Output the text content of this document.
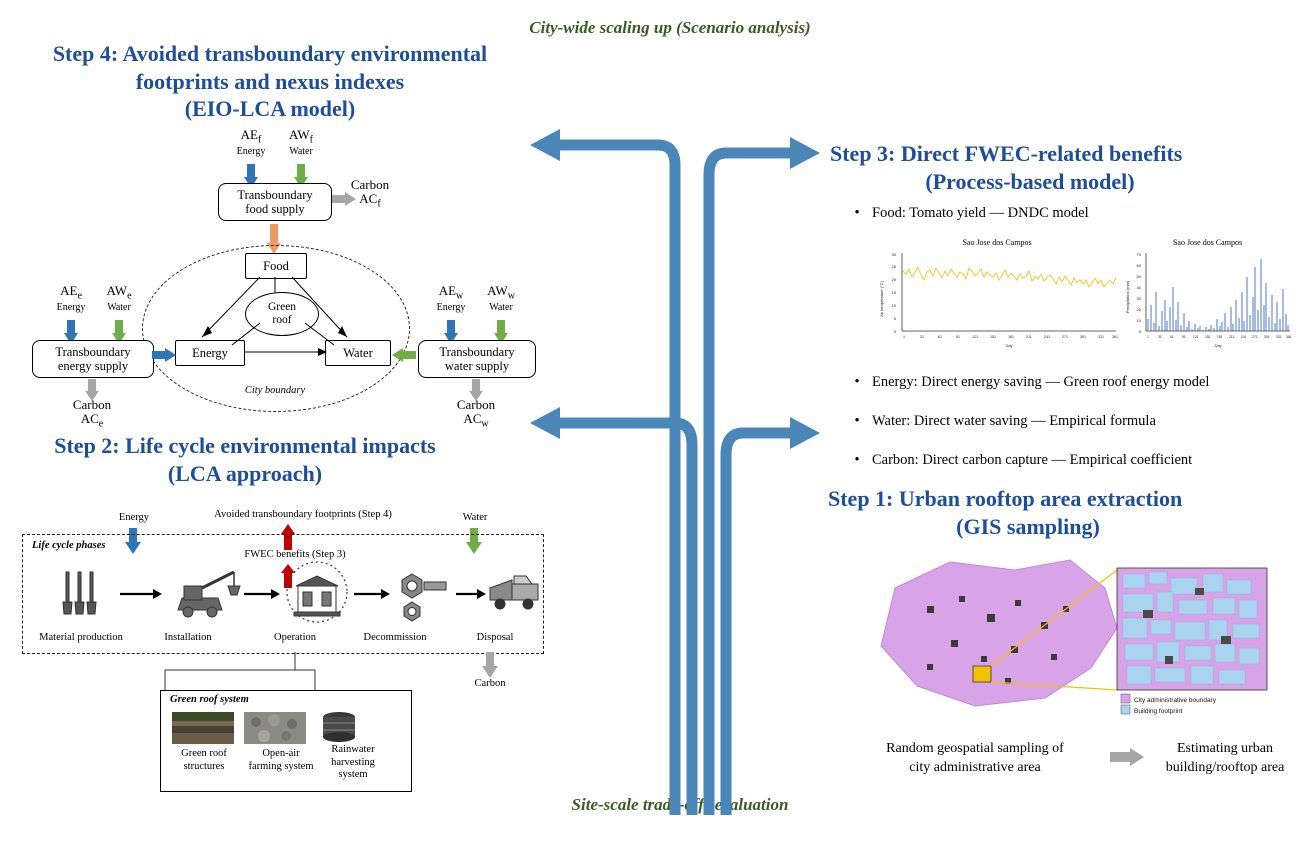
City-wide scaling up (Scenario analysis)
Site-scale trade-offs evaluation
Step 4: Avoided transboundary environmental
footprints and nexus indexes
(EIO-LCA model)
$AE_f$
Energy
$AW_f$
Water
Transboundary
food supply
Carbon
$AC_f$
City boundary
Food
Energy	Water
Green
roof
$AE_e$
Energy
$AW_e$
Water
Transboundary
energy supply
Carbon
$AC_e$
$AE_w$
Energy
$AW_w$
Water
Transboundary
water supply
Carbon
$AC_w$
Step 2: Life cycle environmental impacts
(LCA approach)
Energy	Water
Avoided transboundary footprints (Step 4)
FWEC benefits (Step 3)
Life cycle phases
Material production	Installation	Operation	Decommission	Disposal
Carbon
Green roof system
Green roof
structures
Open-air
farming system
Rainwater
harvesting
system
Step 3: Direct FWEC-related benefits
(Process-based model)
• Food: Tomato yield — DNDC model
Sao Jose dos Campos
0
5
10
15
20
25
30
1	31	61	91	121	151	181	211	241	271	301	331 361
Air temperature (°C)
Day
Sao Jose dos Campos
0
10
20
30
40
50
60
70
1	31	61	91 121 151 181 211 241 271 301 331 361
Precipitation (mm)
Day
• Energy: Direct energy saving — Green roof energy model
• Water: Direct water saving — Empirical formula
• Carbon: Direct carbon capture — Empirical coefficient
Step 1: Urban rooftop area extraction
(GIS sampling)
City administrative boundary
Building footprint
Random geospatial sampling of
city administrative area
Estimating urban
building/rooftop area
